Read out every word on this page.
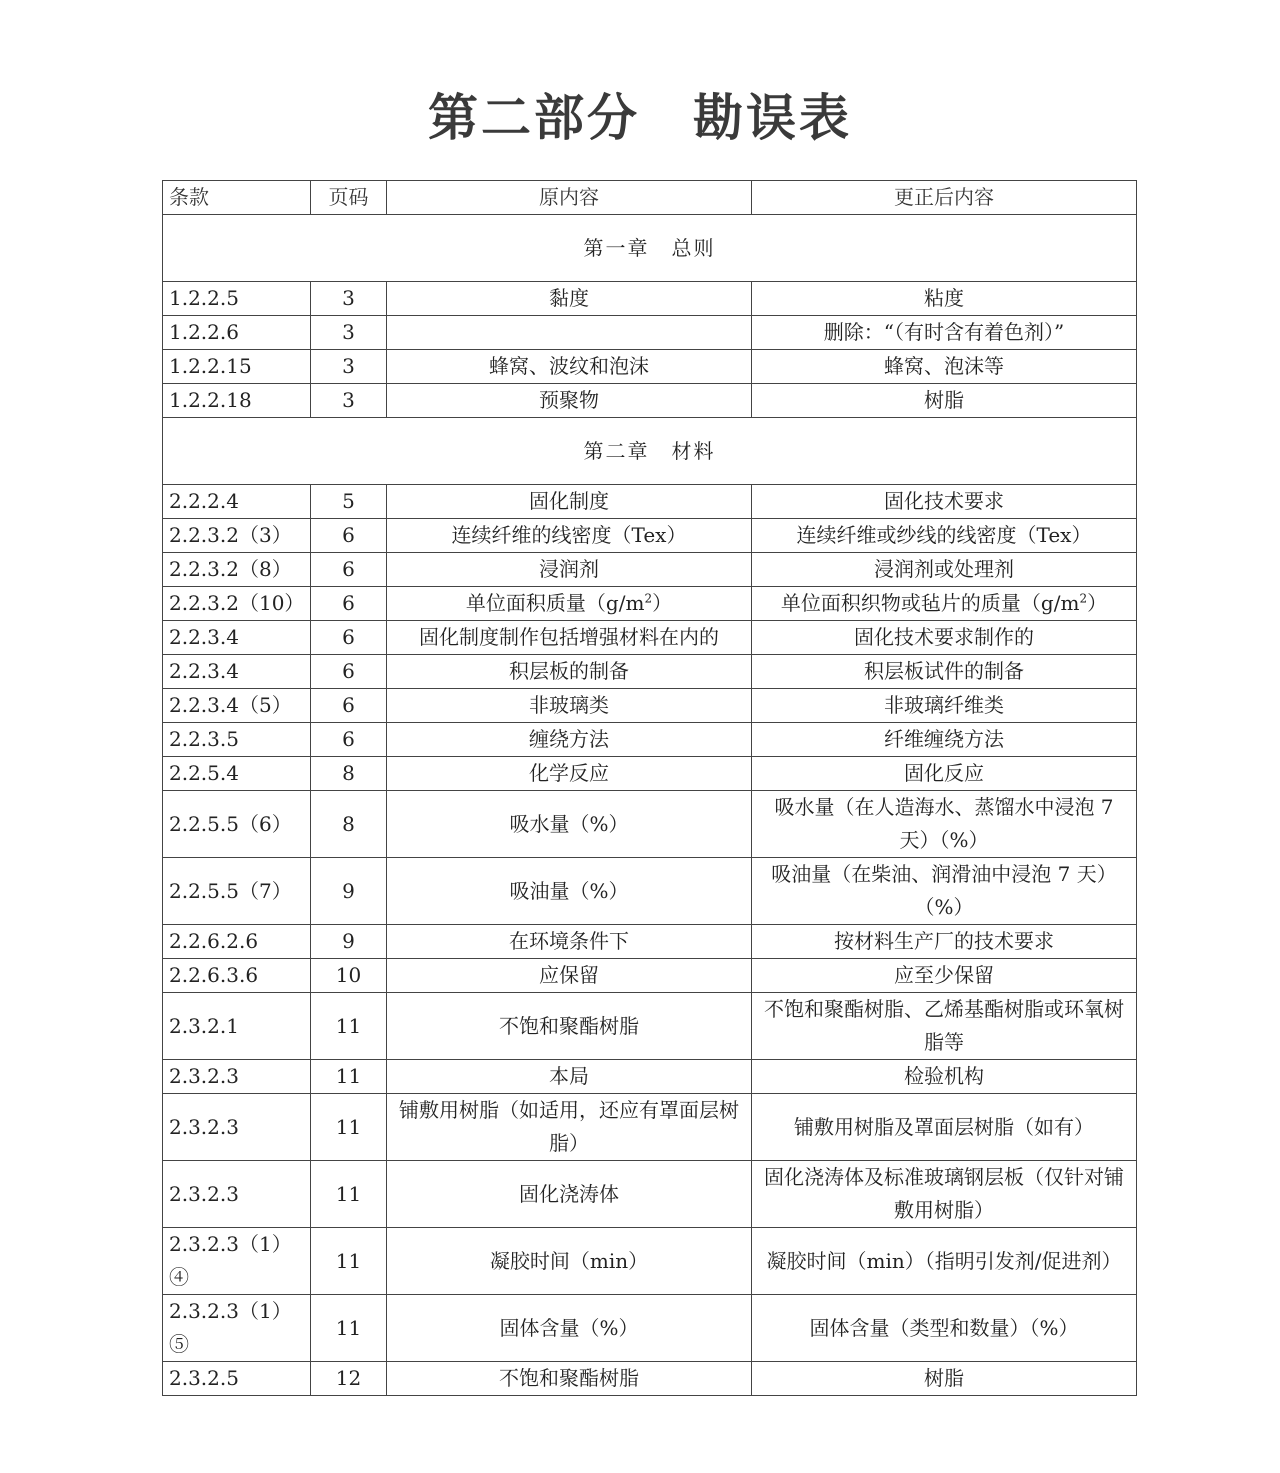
第二部分　勘误表
条款	页码	原内容	更正后内容
第一章　总则			
1.2.2.5	3	黏度	粘度
1.2.2.6	3		删除：“（有时含有着色剂）”
1.2.2.15	3	蜂窝、波纹和泡沫	蜂窝、泡沫等
1.2.2.18	3	预聚物	树脂
第二章　材料			
2.2.2.4	5	固化制度	固化技术要求
2.2.3.2（3）	6	连续纤维的线密度（Tex）	连续纤维或纱线的线密度（Tex）
2.2.3.2（8）	6	浸润剂	浸润剂或处理剂
2.2.3.2（10）	6	单位面积质量$(g/m^2)$	单位面积织物或毡片的质量$(g/m^2)$
2.2.3.4	6	固化制度制作包括增强材料在内的	固化技术要求制作的
2.2.3.4	6	积层板的制备	积层板试件的制备
2.2.3.4（5）	6	非玻璃类	非玻璃纤维类
2.2.3.5	6	缠绕方法	纤维缠绕方法
2.2.5.4	8	化学反应	固化反应
2.2.5.5（6）	8	吸水量（%）	吸水量（在人造海水、蒸馏水中浸泡 7 天）（%）
2.2.5.5（7）	9	吸油量（%）	吸油量（在柴油、润滑油中浸泡 7 天）（%）
2.2.6.2.6	9	在环境条件下	按材料生产厂的技术要求
2.2.6.3.6	10	应保留	应至少保留
2.3.2.1	11	不饱和聚酯树脂	不饱和聚酯树脂、乙烯基酯树脂或环氧树脂等
2.3.2.3	11	本局	检验机构
2.3.2.3	11	铺敷用树脂（如适用，还应有罩面层树脂）	铺敷用树脂及罩面层树脂（如有）
2.3.2.3	11	固化浇涛体	固化浇涛体及标准玻璃钢层板（仅针对铺敷用树脂）
2.3.2.3（1）④	11	凝胶时间（min）	凝胶时间（min）（指明引发剂/促进剂）
2.3.2.3（1）⑤	11	固体含量（%）	固体含量（类型和数量）（%）
2.3.2.5	12	不饱和聚酯树脂	树脂
